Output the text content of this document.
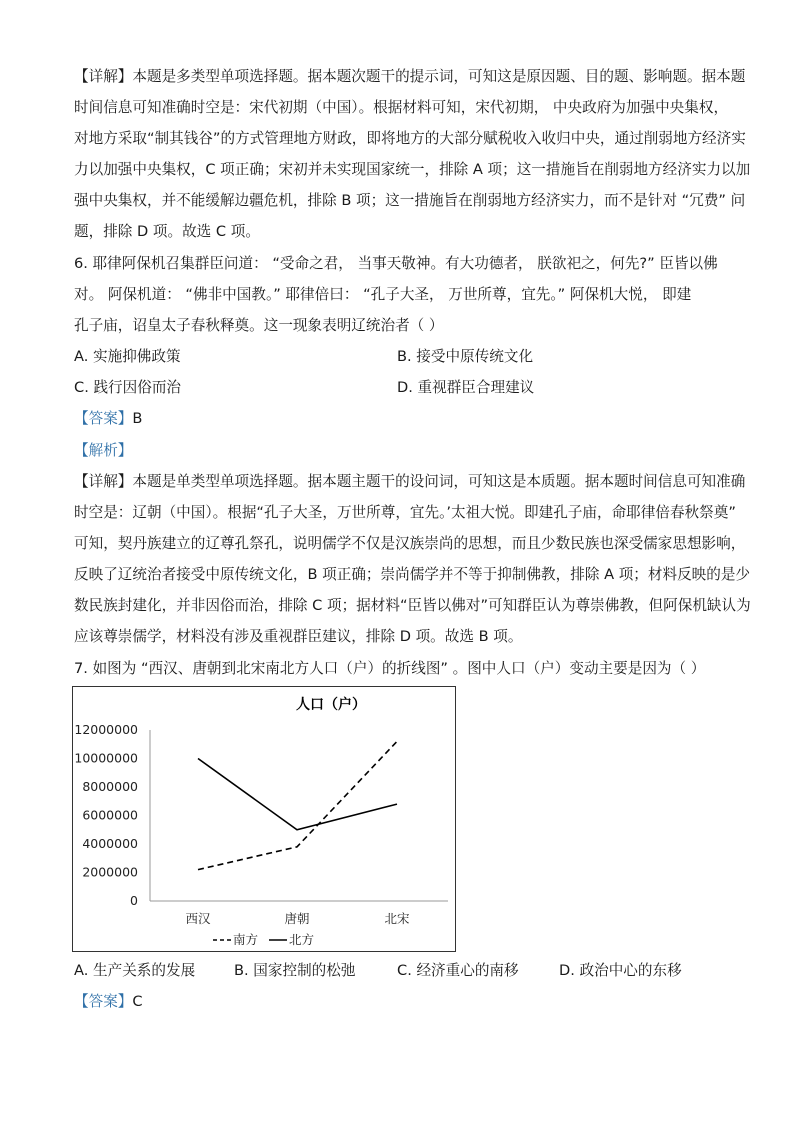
【详解】本题是多类型单项选择题。据本题次题干的提示词，可知这是原因题、目的题、影响题。据本题
时间信息可知准确时空是：宋代初期（中国）。根据材料可知，宋代初期， 中央政府为加强中央集权，
对地方采取“制其钱谷”的方式管理地方财政，即将地方的大部分赋税收入收归中央，通过削弱地方经济实
力以加强中央集权，C 项正确；宋初并未实现国家统一，排除 A 项；这一措施旨在削弱地方经济实力以加
强中央集权，并不能缓解边疆危机，排除 B 项；这一措施旨在削弱地方经济实力，而不是针对 “冗费” 问
题，排除 D 项。故选 C 项。
6. 耶律阿保机召集群臣问道： “受命之君， 当事天敬神。有大功德者， 朕欲祀之，何先?” 臣皆以佛
对。 阿保机道： “佛非中国教。” 耶律倍曰： “孔子大圣， 万世所尊，宜先。” 阿保机大悦， 即建
孔子庙，诏皇太子春秋释奠。这一现象表明辽统治者（ ）
A. 实施抑佛政策	B. 接受中原传统文化
C. 践行因俗而治	D. 重视群臣合理建议
【答案】B
【解析】
【详解】本题是单类型单项选择题。据本题主题干的设问词，可知这是本质题。据本题时间信息可知准确
时空是：辽朝（中国）。根据“孔子大圣，万世所尊，宜先。’太祖大悦。即建孔子庙，命耶律倍春秋祭奠”
可知，契丹族建立的辽尊孔祭孔，说明儒学不仅是汉族崇尚的思想，而且少数民族也深受儒家思想影响，
反映了辽统治者接受中原传统文化，B 项正确；崇尚儒学并不等于抑制佛教，排除 A 项；材料反映的是少
数民族封建化，并非因俗而治，排除 C 项；据材料“臣皆以佛对”可知群臣认为尊崇佛教，但阿保机缺认为
应该尊崇儒学，材料没有涉及重视群臣建议，排除 D 项。故选 B 项。
7. 如图为 “西汉、唐朝到北宋南北方人口（户）的折线图” 。图中人口（户）变动主要是因为（ ）
人口（户）
0
2000000
4000000
6000000
8000000
10000000
12000000
西汉	唐朝	北宋
南方 北方
A. 生产关系的发展	B. 国家控制的松弛	C. 经济重心的南移	D. 政治中心的东移
【答案】C
